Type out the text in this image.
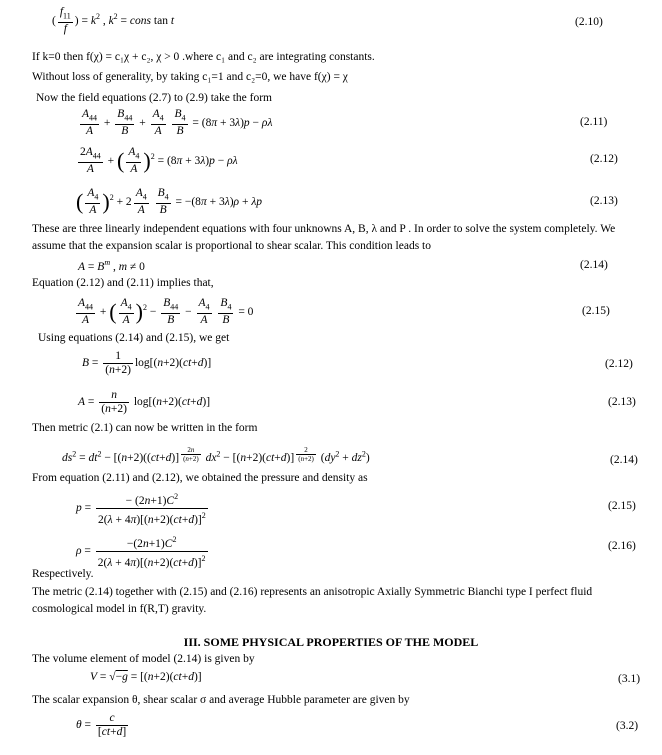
( $\frac{f_{11}}{f}$ ) = $k^2$ , $k^2$ = cons tan t	(2.10)
If k=0 then f(χ) = c₁χ + c₂, χ > 0 .where c₁ and c₂ are integrating constants.
Without loss of generality, by taking c₁=1 and c₂=0, we have f(χ) = χ
Now the field equations (2.7) to (2.9) take the form
$\frac{A_{44}}{A} + \frac{B_{44}}{B} + \frac{A_4}{A}$
$\frac{B_4}{B} = (8\pi + 3\lambda)p - \rho\lambda$	(2.11)
$\frac{2A_{44}}{A}$ + ( $\frac{A_4}{A} )^2 = (8\pi + 3\lambda)p - \rho\lambda$	(2.12)
( $\frac{A_4}{A} )^2 + 2 \frac{A_4}{A}$
$\frac{B_4}{B} = -(8\pi + 3\lambda)\rho + \lambda p$	(2.13)
These are three linearly independent equations with four unknowns A, B, λ and P . In order to solve the system completely. We
assume that the expansion scalar is proportional to shear scalar. This condition leads to
$A = B^m$ , m ≠ 0	(2.14)
Equation (2.12) and (2.11) implies that,
$\frac{A_{44}}{A}$ + ( $\frac{A_4}{A} )^2 - \frac{B_{44}}{B} - \frac{A_4}{A}$
$\frac{B_4}{B} = 0$	(2.15)
Using equations (2.14) and (2.15), we get
$B = \frac{1}{(n+2)} \log[(n+2)(ct+d)]$	(2.12)
$A = \frac{n}{(n+2)} \log[(n+2)(ct+d)]$	(2.13)
Then metric (2.1) can now be written in the form
$ds^2 = dt^2 - [(n+2)((ct+d)]$ $^{\frac{2n}{(n+2)}}$ $dx^2 - [(n+2)(ct+d)]$ $^{\frac{2}{(n+2)}}$ $(dy^2 + dz^2)$	(2.14)
From equation (2.11) and (2.12), we obtained the pressure and density as
$p = \frac{- (2n+1)C^2}{2(\lambda + 4\pi)[(n+2)(ct+d)]^2}$	(2.15)
$\rho = \frac{-(2n+1)C^2}{2(\lambda + 4\pi)[(n+2)(ct+d)]^2}$	(2.16)
Respectively.
The metric (2.14) together with (2.15) and (2.16) represents an anisotropic Axially Symmetric Bianchi type I perfect fluid
cosmological model in f(R,T) gravity.
III. SOME PHYSICAL PROPERTIES OF THE MODEL
The volume element of model (2.14) is given by
V = √−g = [(n+2)(ct+d)]	(3.1)
The scalar expansion θ, shear scalar σ and average Hubble parameter are given by
$\theta = \frac{c}{[ct+d]}$	(3.2)
